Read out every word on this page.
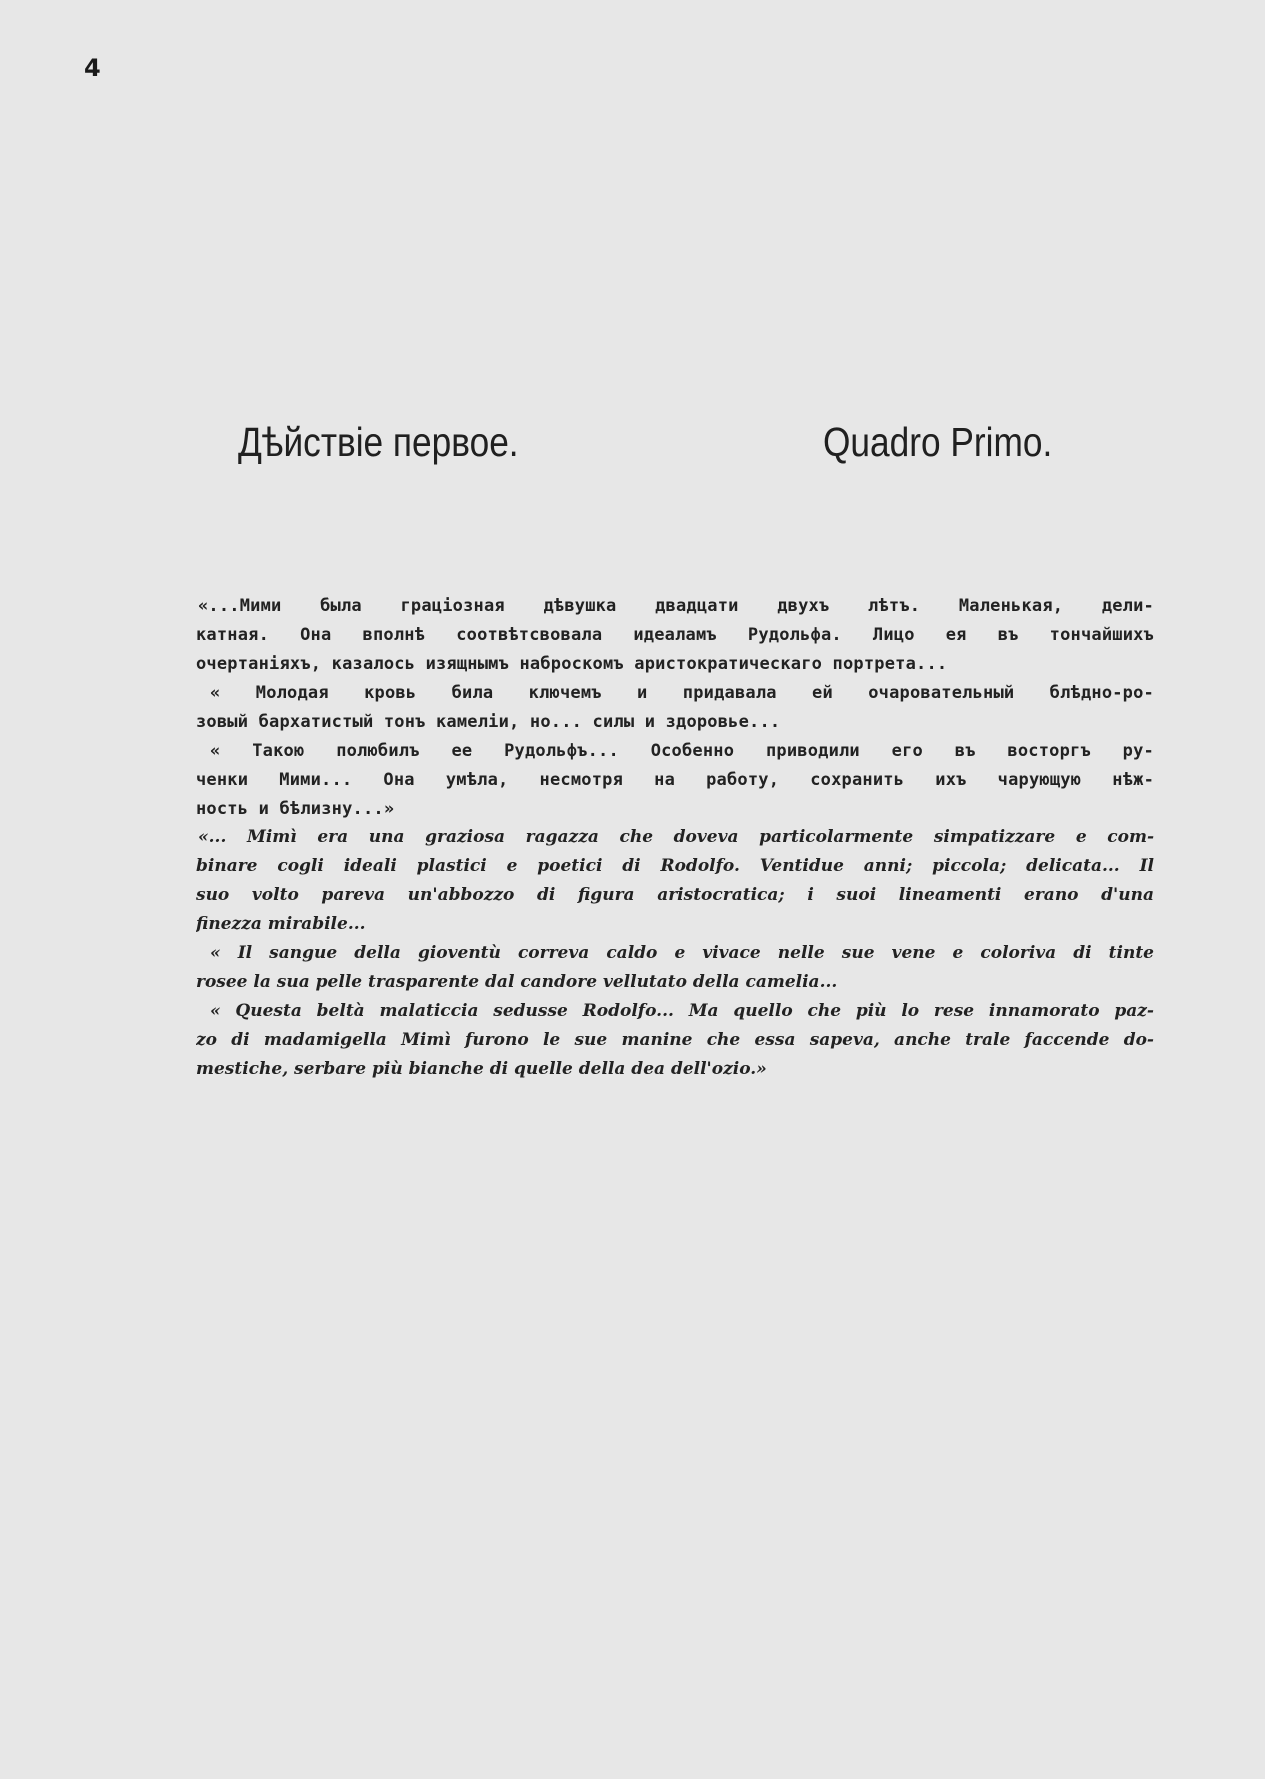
4
Дѣйствіе первое.	Quadro Primo.
«...Мими была граціозная дѣвушка двадцати двухъ лѣтъ. Маленькая, дели-
катная. Она вполнѣ соотвѣтсвовала идеаламъ Рудольфа. Лицо ея въ тончайшихъ
очертаніяхъ, казалось изящнымъ наброскомъ аристократическаго портрета...
« Молодая кровь била ключемъ и придавала ей очаровательный блѣдно-ро-
зовый бархатистый тонъ камеліи, но... силы и здоровье...
« Такою полюбилъ ее Рудольфъ... Особенно приводили его въ восторгъ ру-
ченки Мими... Она умѣла, несмотря на работу, сохранить ихъ чарующую нѣж-
ность и бѣлизну...»
«... Mimì era una graziosa ragazza che doveva particolarmente simpatizzare e com-
binare cogli ideali plastici e poetici di Rodolfo. Ventidue anni; piccola; delicata... Il
suo volto pareva un'abbozzo di figura aristocratica; i suoi lineamenti erano d'una
finezza mirabile...
« Il sangue della gioventù correva caldo e vivace nelle sue vene e coloriva di tinte
rosee la sua pelle trasparente dal candore vellutato della camelia...
« Questa beltà malaticcia sedusse Rodolfo... Ma quello che più lo rese innamorato paz-
zo di madamigella Mimì furono le sue manine che essa sapeva, anche trale faccende do-
mestiche, serbare più bianche di quelle della dea dell'ozio.»
